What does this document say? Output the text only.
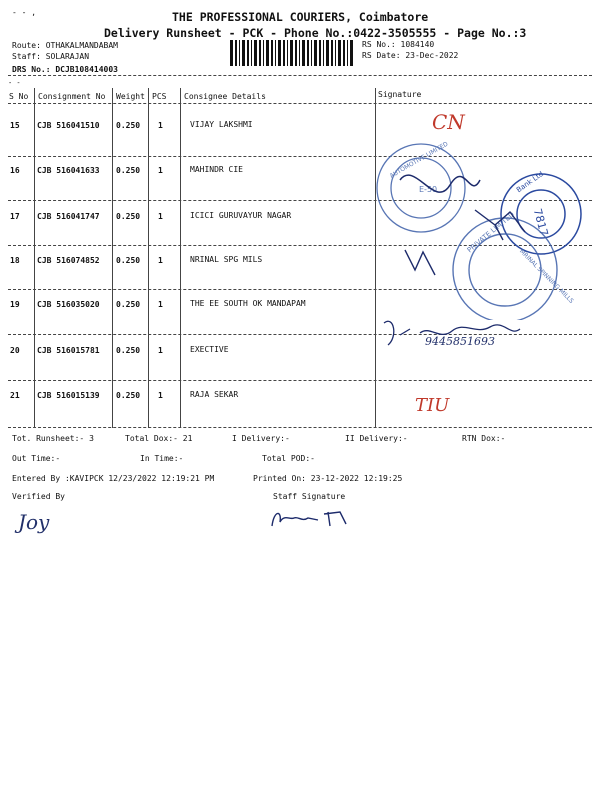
- - ,	THE PROFESSIONAL COURIERS, Coimbatore
Delivery Runsheet - PCK - Phone No.:0422-3505555 - Page No.:3
Route: OTHAKALMANDABAM
Staff: SOLARAJAN
DRS No.: DCJB108414003
RS No.: 1084140
RS Date: 23-Dec-2022
- -
S No Consignment No Weight PCS Consignee Details	Signature
15 CJB 516041510 0.250 1	VIJAY LAKSHMI
16 CJB 516041633 0.250 1	MAHINDR CIE
17 CJB 516041747 0.250 1	ICICI GURUVAYUR NAGAR
18 CJB 516074852 0.250 1	NRINAL SPG MILS
19 CJB 516035020 0.250 1	THE EE SOUTH OK MANDAPAM
20 CJB 516015781 0.250 1	EXECTIVE
21 CJB 516015139 0.250 1	RAJA SEKAR
E-50
AUTOMOTIVE LIMITED
7817
Bank Ltd.
PRIVATE LIMITED
MRINAL SPINNING MILLS
CN
9445851693
TIU
Tot. Runsheet:- 3	Total Dox:- 21	I Delivery:-	II Delivery:-	RTN Dox:-
Out Time:-	In Time:-	Total POD:-
Entered By :KAVIPCK 12/23/2022 12:19:21 PM	Printed On: 23-12-2022 12:19:25
Verified By	Staff Signature
Joy
